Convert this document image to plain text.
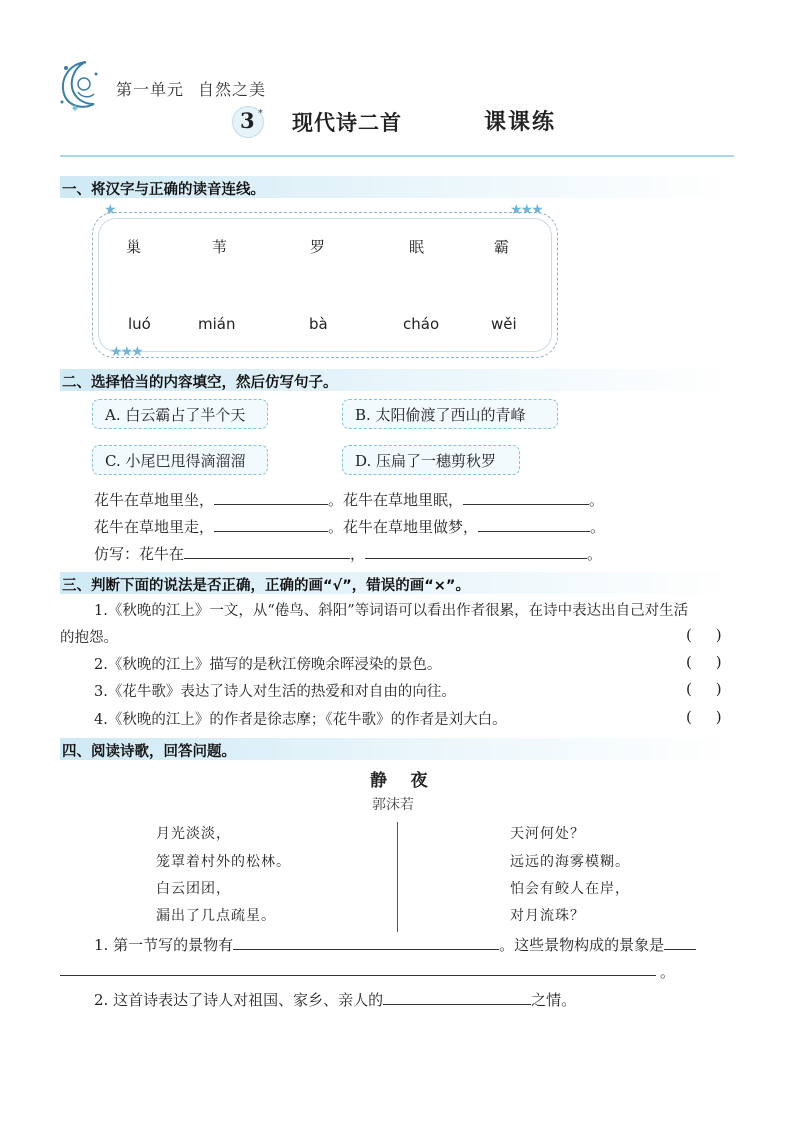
第一单元 自然之美
3 * 现代诗二首	课课练
一、将汉字与正确的读音连线。
★	★★★
★★★
巢	苇	罗	眠	霸
luó	mián	bà	cháo	wěi
二、选择恰当的内容填空，然后仿写句子。
A. 白云霸占了半个天	B. 太阳偷渡了西山的青峰
C. 小尾巴甩得滴溜溜	D. 压扁了一穗剪秋罗
花牛在草地里坐，	。花牛在草地里眠，	。
花牛在草地里走，	。花牛在草地里做梦，	。
仿写：花牛在	，	。
三、判断下面的说法是否正确，正确的画“√”，错误的画“×”。
1.《秋晚的江上》一文，从“倦鸟、斜阳”等词语可以看出作者很累，在诗中表达出自己对生活
的抱怨。	(     )
2.《秋晚的江上》描写的是秋江傍晚余晖浸染的景色。	(     )
3.《花牛歌》表达了诗人对生活的热爱和对自由的向往。	(     )
4.《秋晚的江上》的作者是徐志摩；《花牛歌》的作者是刘大白。	(     )
四、阅读诗歌，回答问题。
静    夜
郭沫若
月光淡淡，
笼罩着村外的松林。
白云团团，
漏出了几点疏星。
天河何处？
远远的海雾模糊。
怕会有鲛人在岸，
对月流珠？
1. 第一节写的景物有	。这些景物构成的景象是
。
2. 这首诗表达了诗人对祖国、家乡、亲人的	之情。
